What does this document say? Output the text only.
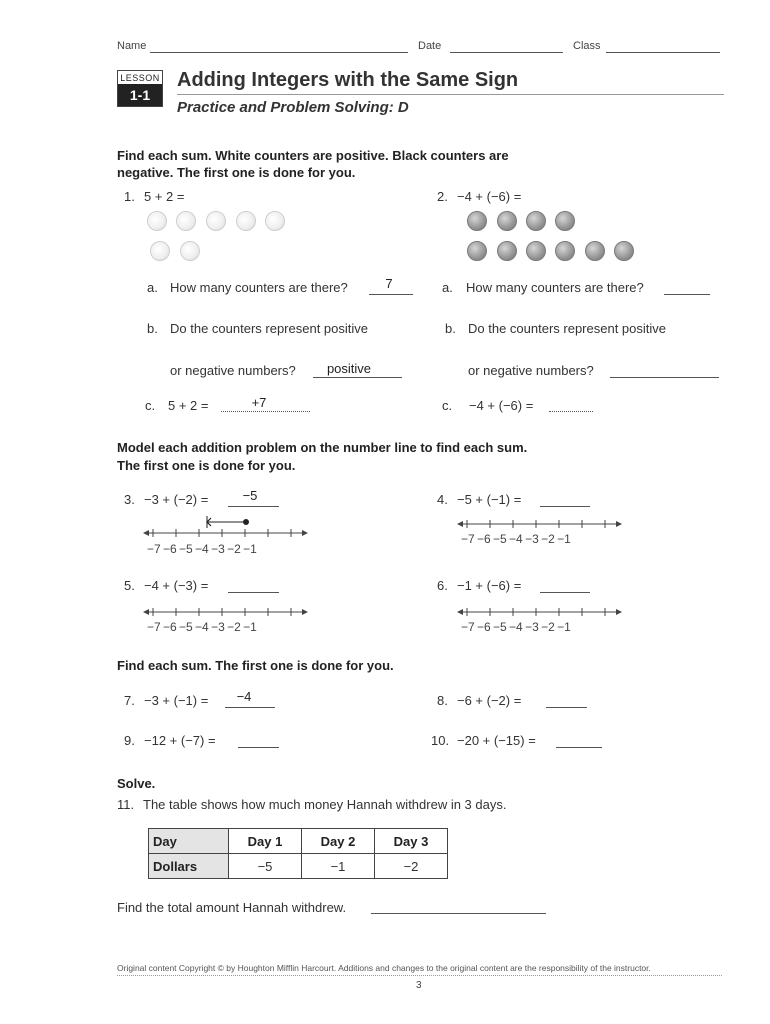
Name	Date	Class
LESSON
1-1
Adding Integers with the Same Sign
Practice and Problem Solving: D
Find each sum. White counters are positive. Black counters are
negative. The first one is done for you.
1. 5 + 2 =	2. −4 + (−6) =
a. How many counters are there?	7	a. How many counters are there?
b. Do the counters represent positive
or negative numbers?	positive
b. Do the counters represent positive
or negative numbers?
c. 5 + 2 =	+7	c. −4 + (−6) =
Model each addition problem on the number line to find each sum.
The first one is done for you.
3. −3 + (−2) =	−5	4. −5 + (−1) =
−7 −6 −5 −4 −3 −2 −1
−7 −6 −5 −4 −3 −2 −1
5. −4 + (−3) =	6. −1 + (−6) =
−7 −6 −5 −4 −3 −2 −1	−7 −6 −5 −4 −3 −2 −1
Find each sum. The first one is done for you.
7. −3 + (−1) =	−4	8. −6 + (−2) =
9. −12 + (−7) =	10. −20 + (−15) =
Solve.
11. The table shows how much money Hannah withdrew in 3 days.
Day	Day 1	Day 2	Day 3
Dollars	−5	−1	−2
Find the total amount Hannah withdrew.
Original content Copyright © by Houghton Mifflin Harcourt. Additions and changes to the original content are the responsibility of the instructor.
3
